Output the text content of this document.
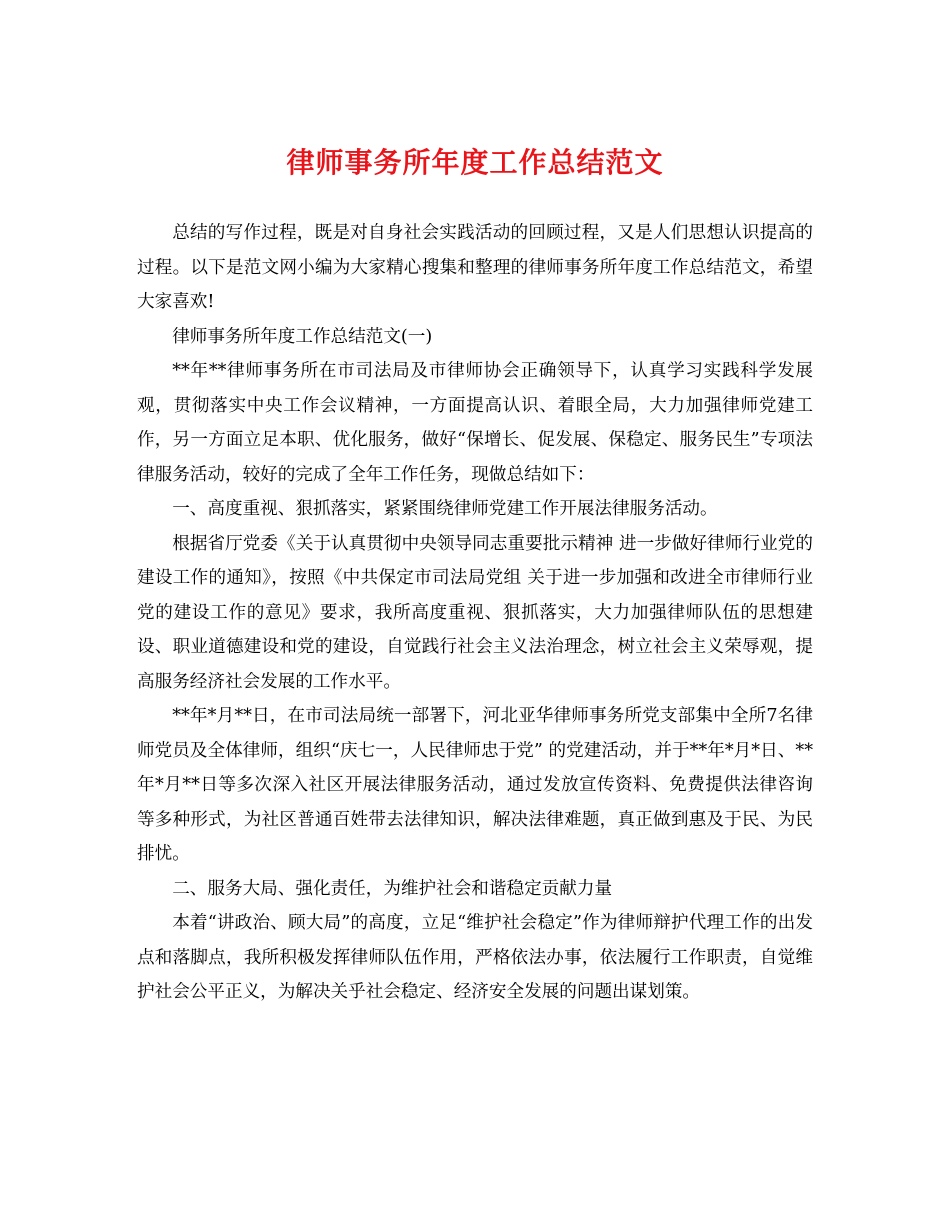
律师事务所年度工作总结范文

总结的写作过程，既是对自身社会实践活动的回顾过程，又是人们思想认识提高的过程。以下是范文网小编为大家精心搜集和整理的律师事务所年度工作总结范文，希望大家喜欢!

律师事务所年度工作总结范文(一)

**年**律师事务所在市司法局及市律师协会正确领导下，认真学习实践科学发展观，贯彻落实中央工作会议精神，一方面提高认识、着眼全局，大力加强律师党建工作，另一方面立足本职、优化服务，做好“保增长、促发展、保稳定、服务民生”专项法律服务活动，较好的完成了全年工作任务，现做总结如下：

一、高度重视、狠抓落实，紧紧围绕律师党建工作开展法律服务活动。

根据省厅党委《关于认真贯彻中央领导同志重要批示精神 进一步做好律师行业党的建设工作的通知》，按照《中共保定市司法局党组 关于进一步加强和改进全市律师行业党的建设工作的意见》要求，我所高度重视、狠抓落实，大力加强律师队伍的思想建设、职业道德建设和党的建设，自觉践行社会主义法治理念，树立社会主义荣辱观，提高服务经济社会发展的工作水平。

**年*月**日，在市司法局统一部署下，河北亚华律师事务所党支部集中全所7名律师党员及全体律师，组织“庆七一，人民律师忠于党” 的党建活动，并于**年*月*日、**年*月**日等多次深入社区开展法律服务活动，通过发放宣传资料、免费提供法律咨询等多种形式，为社区普通百姓带去法律知识，解决法律难题，真正做到惠及于民、为民排忧。

二、服务大局、强化责任，为维护社会和谐稳定贡献力量

本着“讲政治、顾大局”的高度，立足“维护社会稳定”作为律师辩护代理工作的出发点和落脚点，我所积极发挥律师队伍作用，严格依法办事，依法履行工作职责，自觉维护社会公平正义，为解决关乎社会稳定、经济安全发展的问题出谋划策。
